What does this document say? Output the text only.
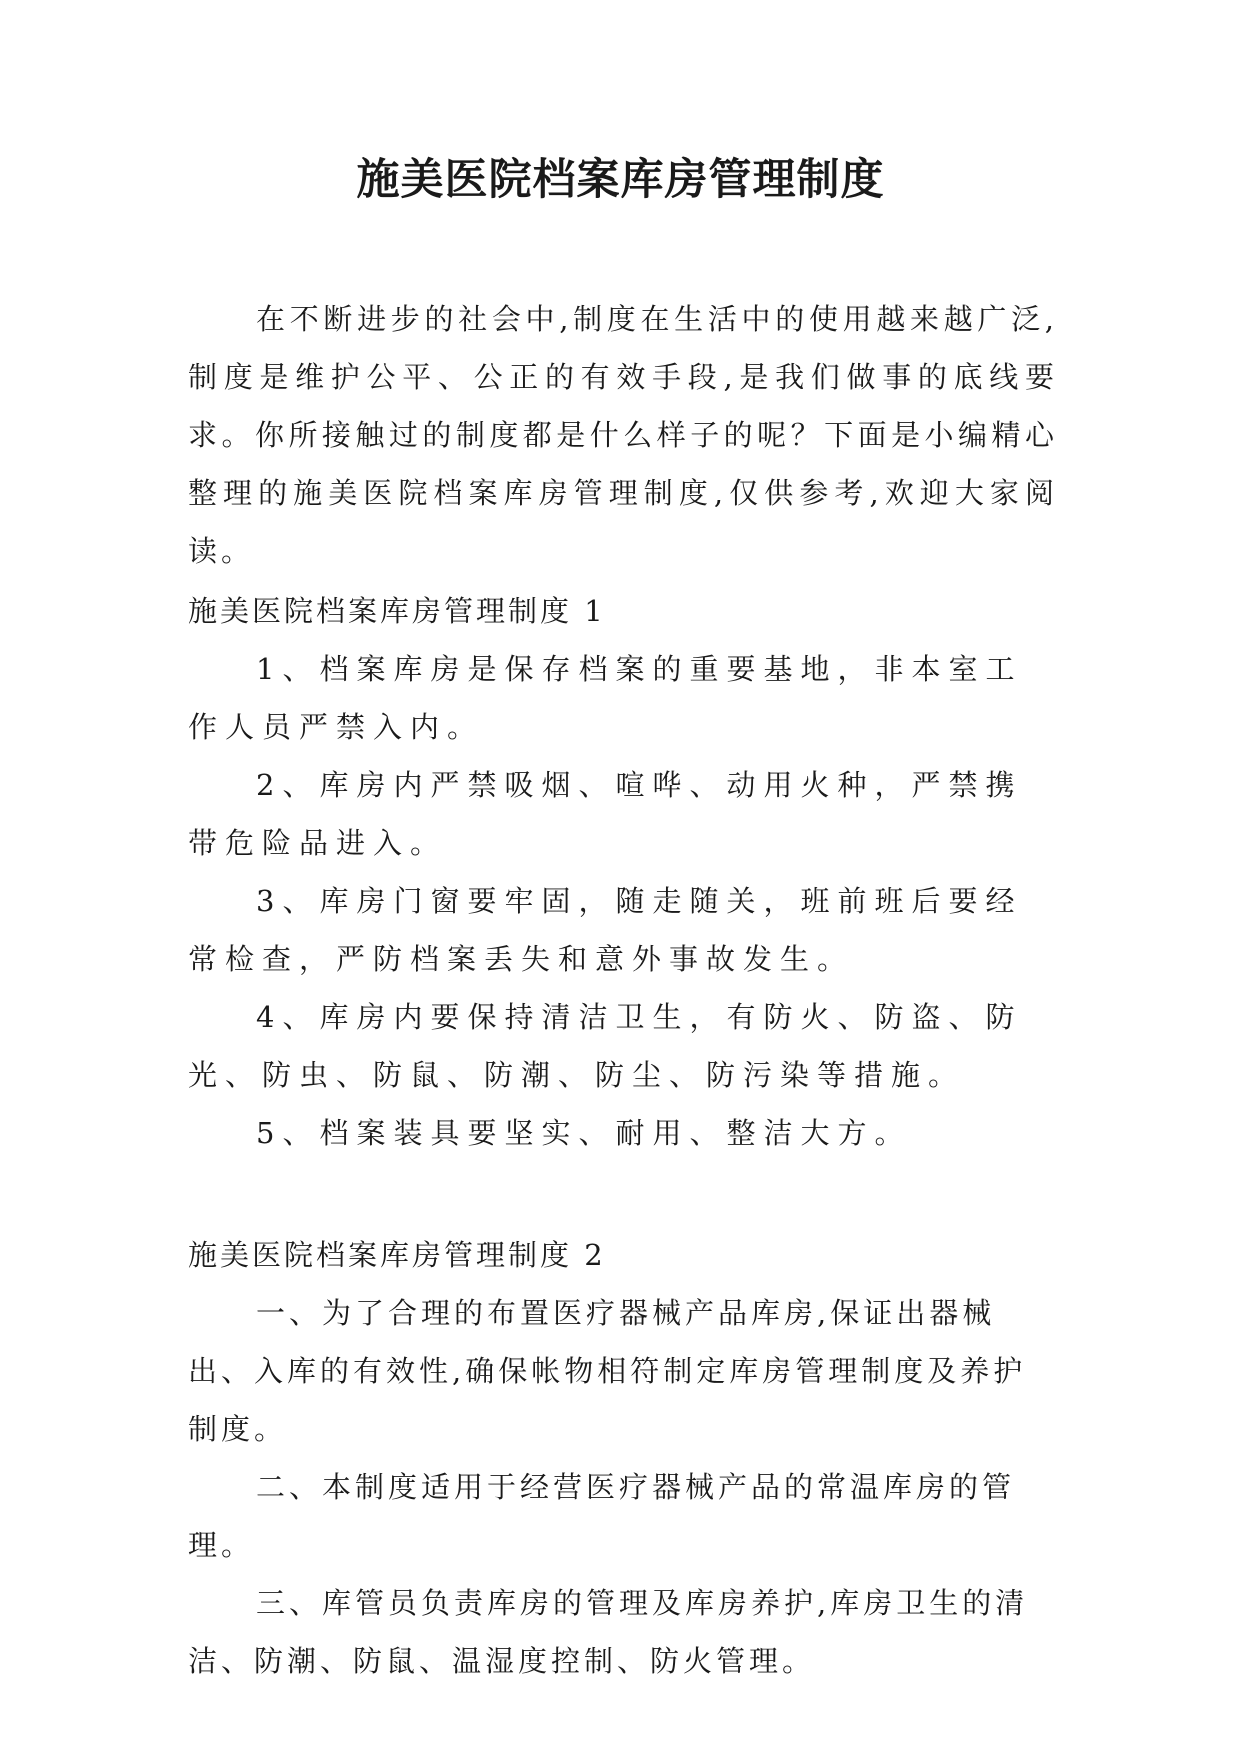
施美医院档案库房管理制度

在不断进步的社会中,制度在生活中的使用越来越广泛,制度是维护公平、公正的有效手段,是我们做事的底线要求。你所接触过的制度都是什么样子的呢？下面是小编精心整理的施美医院档案库房管理制度,仅供参考,欢迎大家阅读。

施美医院档案库房管理制度 1

1、档案库房是保存档案的重要基地，非本室工作人员严禁入内。

2、库房内严禁吸烟、喧哗、动用火种，严禁携带危险品进入。

3、库房门窗要牢固，随走随关，班前班后要经常检查，严防档案丢失和意外事故发生。

4、库房内要保持清洁卫生，有防火、防盗、防光、防虫、防鼠、防潮、防尘、防污染等措施。

5、档案装具要坚实、耐用、整洁大方。

施美医院档案库房管理制度 2

一、为了合理的布置医疗器械产品库房,保证出器械出、入库的有效性,确保帐物相符制定库房管理制度及养护制度。

二、本制度适用于经营医疗器械产品的常温库房的管理。

三、库管员负责库房的管理及库房养护,库房卫生的清洁、防潮、防鼠、温湿度控制、防火管理。
